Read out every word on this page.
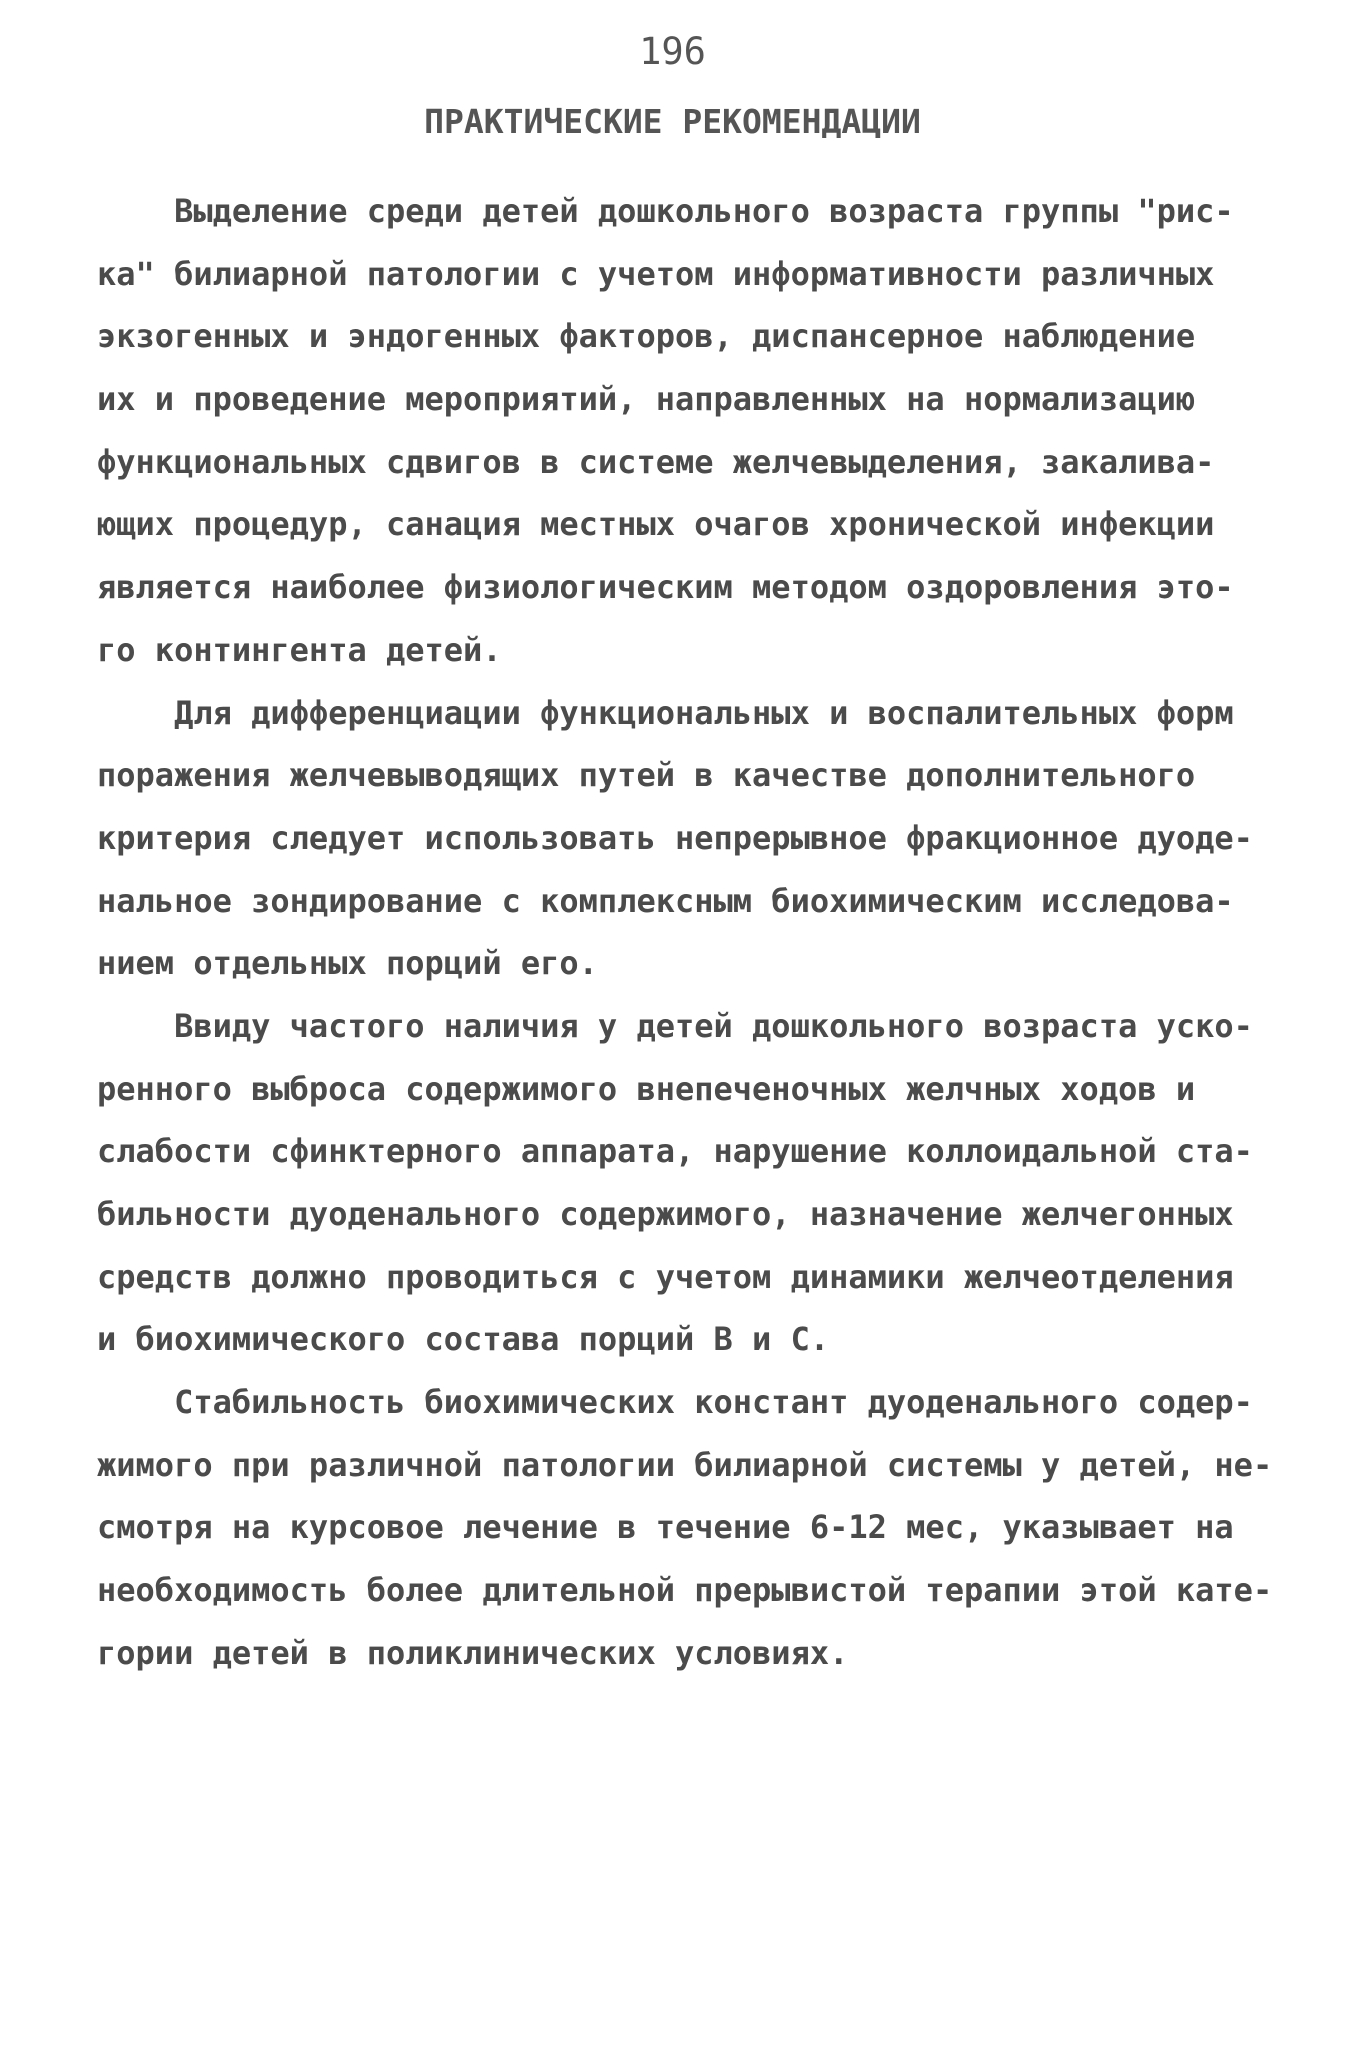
196
ПРАКТИЧЕСКИЕ РЕКОМЕНДАЦИИ
Выделение среди детей дошкольного возраста группы "рис-
ка" билиарной патологии с учетом информативности различных
экзогенных и эндогенных факторов, диспансерное наблюдение
их и проведение мероприятий, направленных на нормализацию
функциональных сдвигов в системе желчевыделения, закалива-
ющих процедур, санация местных очагов хронической инфекции
является наиболее физиологическим методом оздоровления это-
го контингента детей.
Для дифференциации функциональных и воспалительных форм
поражения желчевыводящих путей в качестве дополнительного
критерия следует использовать непрерывное фракционное дуоде-
нальное зондирование с комплексным биохимическим исследова-
нием отдельных порций его.
Ввиду частого наличия у детей дошкольного возраста уско-
ренного выброса содержимого внепеченочных желчных ходов и
слабости сфинктерного аппарата, нарушение коллоидальной ста-
бильности дуоденального содержимого, назначение желчегонных
средств должно проводиться с учетом динамики желчеотделения
и биохимического состава порций В и С.
Стабильность биохимических констант дуоденального содер-
жимого при различной патологии билиарной системы у детей, не-
смотря на курсовое лечение в течение 6-12 мес, указывает на
необходимость более длительной прерывистой терапии этой кате-
гории детей в поликлинических условиях.
